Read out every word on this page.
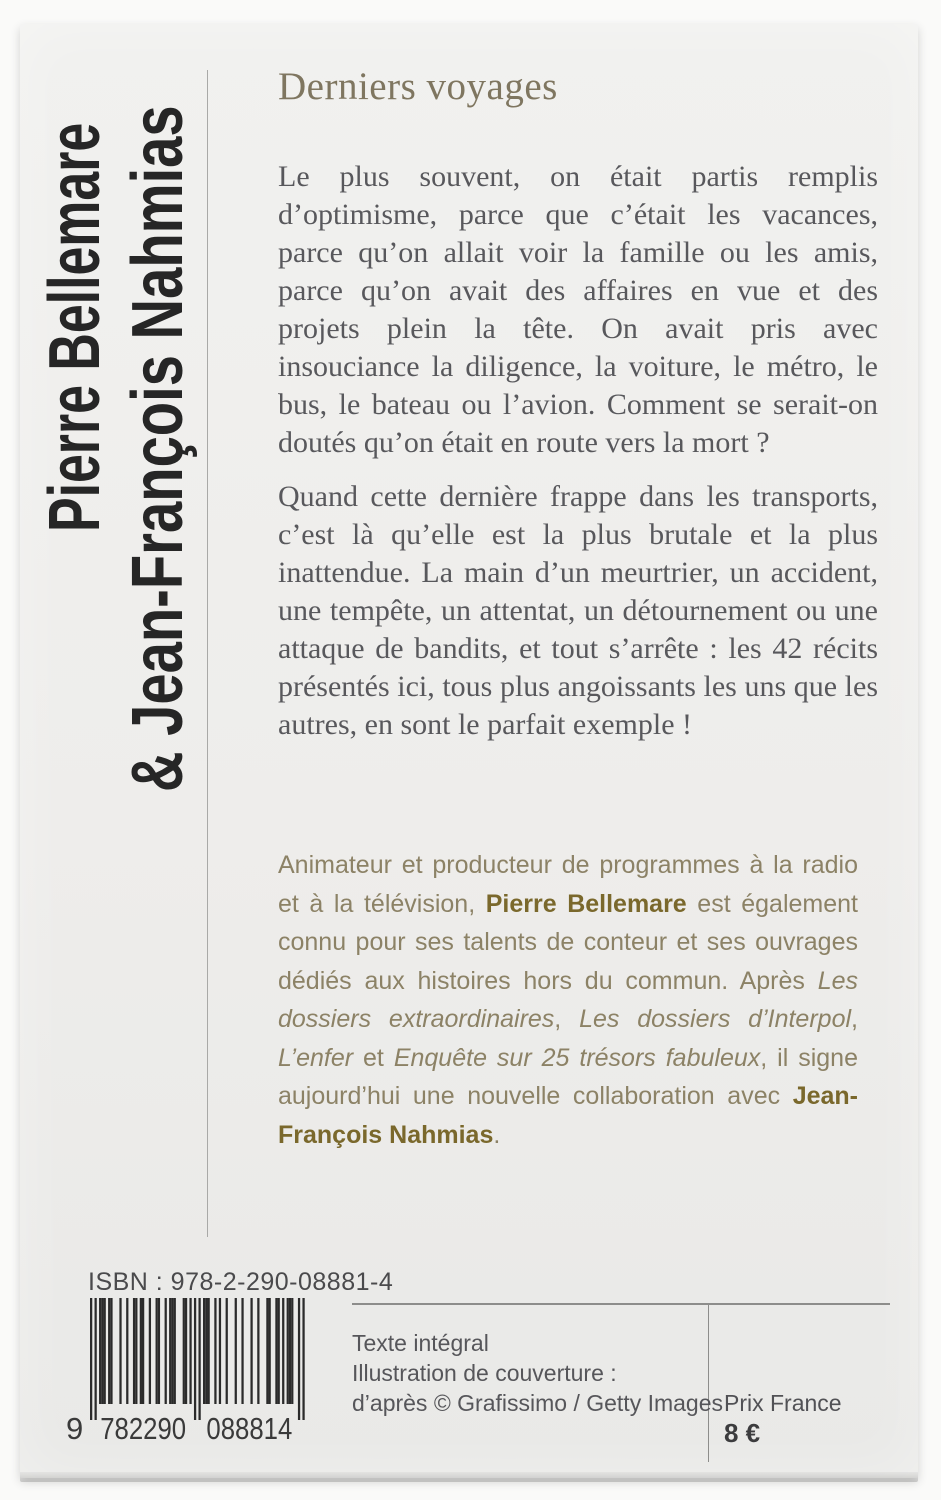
Pierre Bellemare & Jean-François Nahmias
Derniers voyages

Le plus souvent, on était partis remplis d’optimisme, parce que c’était les vacances, parce qu’on allait voir la famille ou les amis, parce qu’on avait des affaires en vue et des projets plein la tête. On avait pris avec insouciance la diligence, la voiture, le métro, le bus, le bateau ou l’avion. Comment se serait-on doutés qu’on était en route vers la mort ?

Quand cette dernière frappe dans les transports, c’est là qu’elle est la plus brutale et la plus inattendue. La main d’un meurtrier, un accident, une tempête, un attentat, un détournement ou une attaque de bandits, et tout s’arrête : les 42 récits présentés ici, tous plus angoissants les uns que les autres, en sont le parfait exemple !

Animateur et producteur de programmes à la radio et à la télévision, Pierre Bellemare est également connu pour ses talents de conteur et ses ouvrages dédiés aux histoires hors du commun. Après Les dossiers extraordinaires, Les dossiers d’Interpol, L’enfer et Enquête sur 25 trésors fabuleux, il signe aujourd’hui une nouvelle collaboration avec Jean-François Nahmias.

ISBN : 978-2-290-08881-4
9 782290 088814
Texte intégral
Illustration de couverture :
d’après © Grafissimo / Getty Images Prix France
8 €
